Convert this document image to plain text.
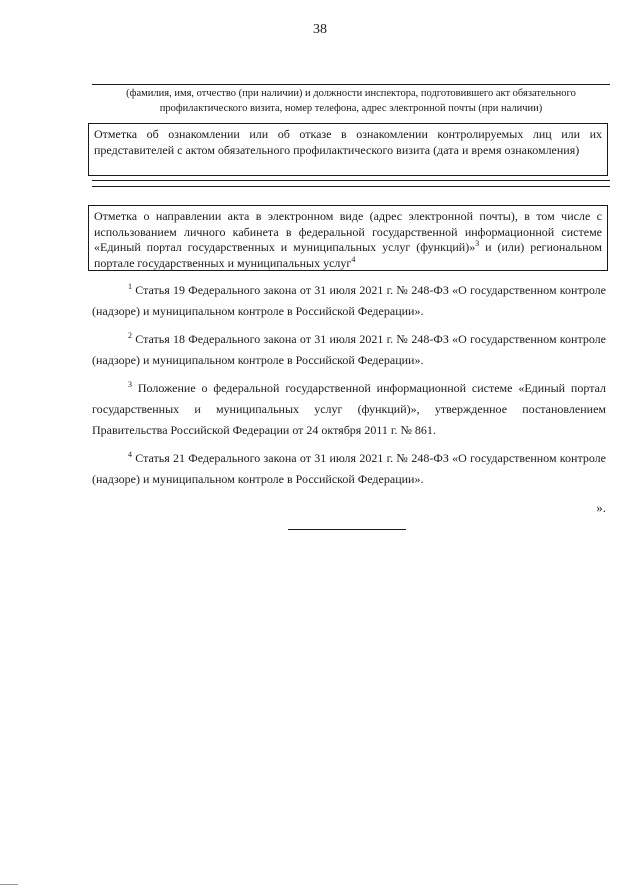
38
(фамилия, имя, отчество (при наличии) и должности инспектора, подготовившего акт обязательного профилактического визита, номер телефона, адрес электронной почты (при наличии)
Отметка об ознакомлении или об отказе в ознакомлении контролируемых лиц или их представителей с актом обязательного профилактического визита (дата и время ознакомления)
Отметка о направлении акта в электронном виде (адрес электронной почты), в том числе с использованием личного кабинета в федеральной государственной информационной системе «Единый портал государственных и муниципальных услуг (функций)»$^3$ и (или) региональном портале государственных и муниципальных услуг$^4$

$^1$ Статья 19 Федерального закона от 31 июля 2021 г. № 248-ФЗ «О государственном контроле (надзоре) и муниципальном контроле в Российской Федерации».

$^2$ Статья 18 Федерального закона от 31 июля 2021 г. № 248-ФЗ «О государственном контроле (надзоре) и муниципальном контроле в Российской Федерации».

$^3$ Положение о федеральной государственной информационной системе «Единый портал государственных и муниципальных услуг (функций)», утвержденное постановлением Правительства Российской Федерации от 24 октября 2011 г. № 861.

$^4$ Статья 21 Федерального закона от 31 июля 2021 г. № 248-ФЗ «О государственном контроле (надзоре) и муниципальном контроле в Российской Федерации».

».
